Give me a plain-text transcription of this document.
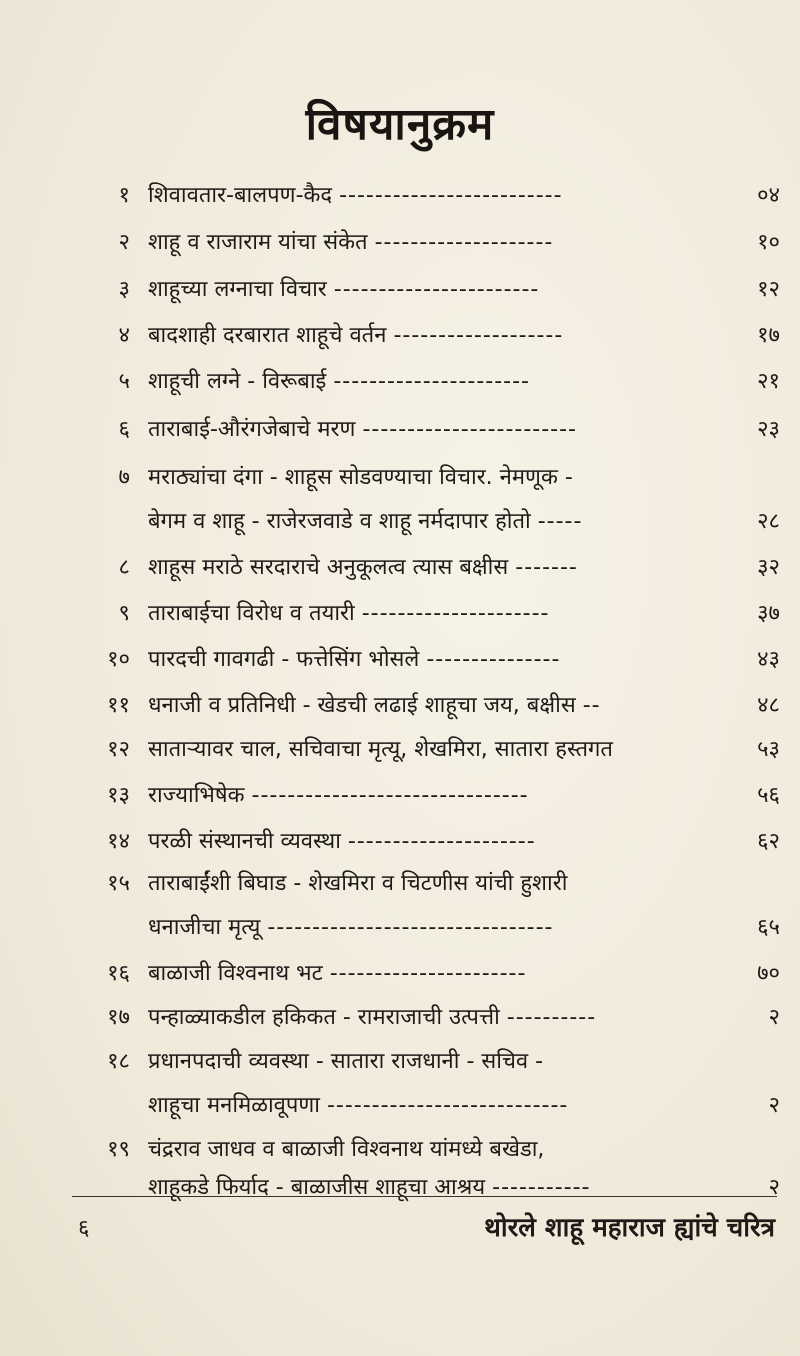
विषयानुक्रम
१ शिवावतार-बालपण-कैद -------------------------	०४
२ शाहू व राजाराम यांचा संकेत --------------------	१०
३ शाहूच्या लग्नाचा विचार -----------------------	१२
४ बादशाही दरबारात शाहूचे वर्तन -------------------	१७
५ शाहूची लग्ने - विरूबाई ----------------------	२१
६ ताराबाई-औरंगजेबाचे मरण ------------------------	२३
७ मराठ्यांचा दंगा - शाहूस सोडवण्याचा विचार. नेमणूक -
बेगम व शाहू - राजेरजवाडे व शाहू नर्मदापार होतो -----	२८
८ शाहूस मराठे सरदाराचे अनुकूलत्व त्यास बक्षीस -------	३२
९ ताराबाईचा विरोध व तयारी ---------------------	३७
१० पारदची गावगढी - फत्तेसिंग भोसले ---------------	४३
११ धनाजी व प्रतिनिधी - खेडची लढाई शाहूचा जय, बक्षीस --	४८
१२ साताऱ्यावर चाल, सचिवाचा मृत्यू, शेखमिरा, सातारा हस्तगत	५३
१३ राज्याभिषेक -------------------------------	५६
१४ परळी संस्थानची व्यवस्था ---------------------	६२
१५ ताराबाईंशी बिघाड - शेखमिरा व चिटणीस यांची हुशारी
धनाजीचा मृत्यू --------------------------------	६५
१६ बाळाजी विश्वनाथ भट ----------------------	७०
१७ पन्हाळ्याकडील हकिकत - रामराजाची उत्पत्ती ----------	२
१८ प्रधानपदाची व्यवस्था - सातारा राजधानी - सचिव -
शाहूचा मनमिळावूपणा ---------------------------	२
१९ चंद्रराव जाधव व बाळाजी विश्वनाथ यांमध्ये बखेडा,
शाहूकडे फिर्याद - बाळाजीस शाहूचा आश्रय -----------	२
६	थोरले शाहू महाराज ह्यांचे चरित्र
